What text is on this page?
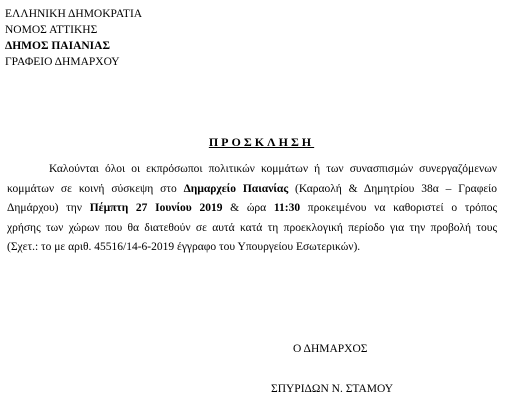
ΕΛΛΗΝΙΚΗ ΔΗΜΟΚΡΑΤΙΑ
ΝΟΜΟΣ ΑΤΤΙΚΗΣ
ΔΗΜΟΣ ΠΑΙΑΝΙΑΣ
ΓΡΑΦΕΙΟ ΔΗΜΑΡΧΟΥ
ΠΡΟΣΚΛΗΣΗ
Καλούνται όλοι οι εκπρόσωποι πολιτικών κομμάτων ή των συνασπισμών συνεργαζόμενων
κομμάτων σε κοινή σύσκεψη στο Δημαρχείο Παιανίας (Καραολή & Δημητρίου 38α – Γραφείο
Δημάρχου) την Πέμπτη 27 Ιουνίου 2019 & ώρα 11:30 προκειμένου να καθοριστεί ο τρόπος
χρήσης των χώρων που θα διατεθούν σε αυτά κατά τη προεκλογική περίοδο για την προβολή τους
(Σχετ.: το με αριθ. 45516/14-6-2019 έγγραφο του Υπουργείου Εσωτερικών).
Ο ΔΗΜΑΡΧΟΣ
ΣΠΥΡΙΔΩΝ Ν. ΣΤΑΜΟΥ
